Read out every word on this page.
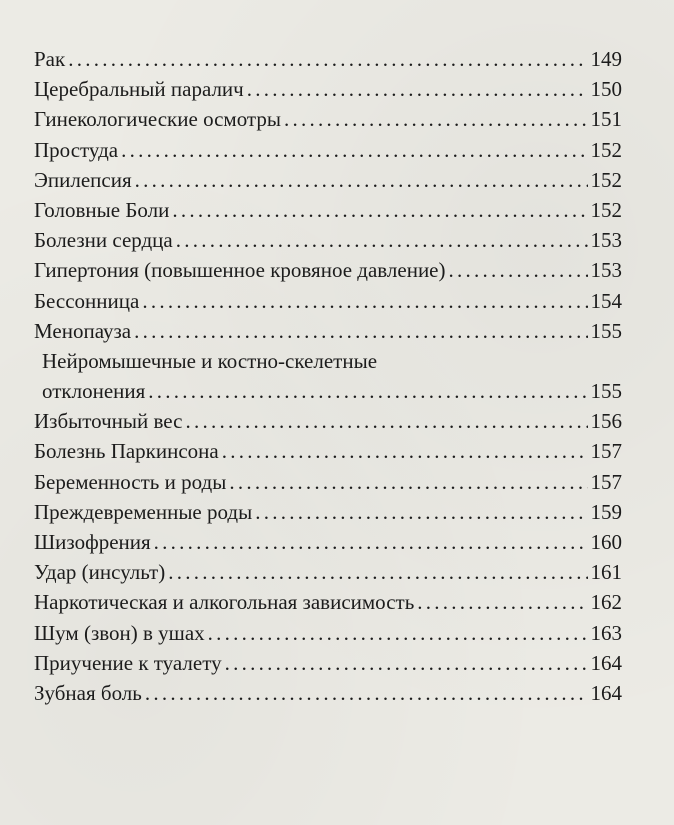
Рак . . .	149
Церебральный паралич . . .	150
Гинекологические осмотры . . .	151
Простуда . . .	152
Эпилепсия . . .	152
Головные Боли . . .	152
Болезни сердца . . .	153
Гипертония (повышенное кровяное давление) . . .	153
Бессонница . . .	154
Менопауза . . .	155
Нейромышечные и костно-скелетные
отклонения . . .	155
Избыточный вес . . .	156
Болезнь Паркинсона . . .	157
Беременность и роды . . .	157
Преждевременные роды . . .	159
Шизофрения . . .	160
Удар (инсульт) . . .	161
Наркотическая и алкогольная зависимость . . .	162
Шум (звон) в ушах . . .	163
Приучение к туалету . . .	164
Зубная боль . . .	164
